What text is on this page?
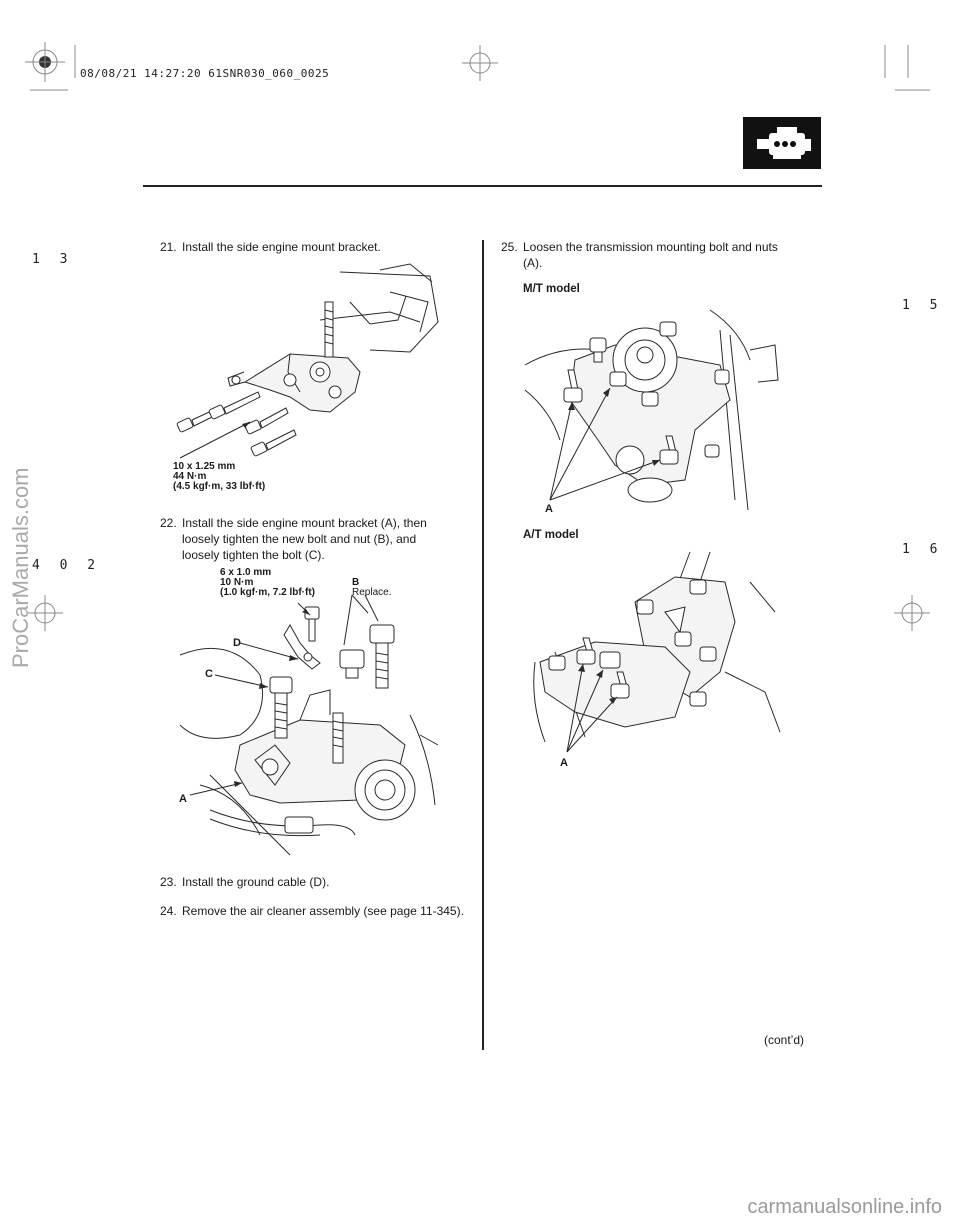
08/08/21 14:27:20 61SNR030_060_0025
1 3
4 0 2
1 5
1 6
21. Install the side engine mount bracket.
10 x 1.25 mm
44 N·m
(4.5 kgf·m, 33 lbf·ft)
22. Install the side engine mount bracket (A), then
loosely tighten the new bolt and nut (B), and
loosely tighten the bolt (C).
6 x 1.0 mm
10 N·m
(1.0 kgf·m, 7.2 lbf·ft)
B
Replace.
D
C
A
23. Install the ground cable (D).
24. Remove the air cleaner assembly (see page 11-345).
25. Loosen the transmission mounting bolt and nuts
(A).
M/T model
A
A/T model
A
(cont’d)
ProCarManuals.com
carmanualsonline.info
